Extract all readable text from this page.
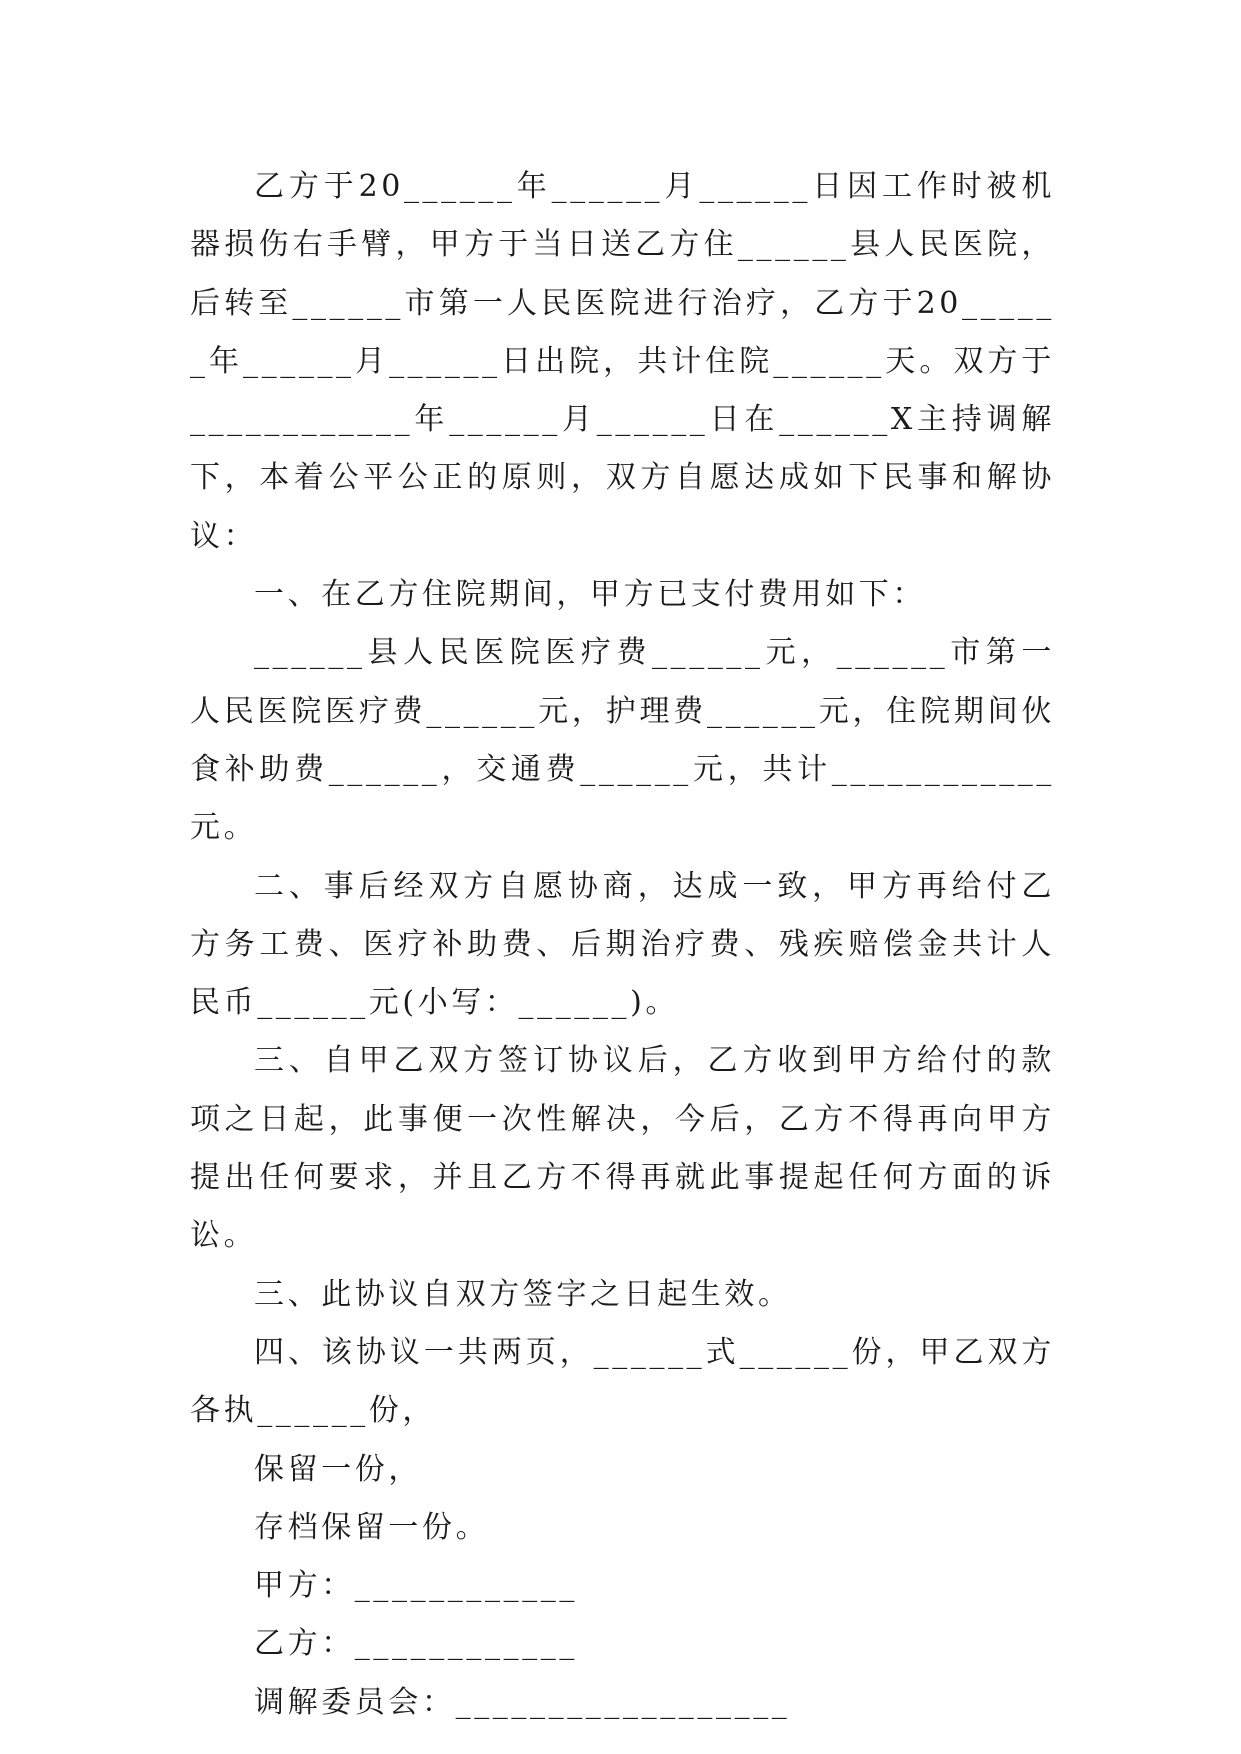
乙方于20______年______月______日因工作时被机器损伤右手臂，甲方于当日送乙方住______县人民医院，后转至______市第一人民医院进行治疗，乙方于20______年______月______日出院，共计住院______天。双方于____________年______月______日在______X主持调解下，本着公平公正的原则，双方自愿达成如下民事和解协议：

一、在乙方住院期间，甲方已支付费用如下：

______县人民医院医疗费______元，______市第一人民医院医疗费______元，护理费______元，住院期间伙食补助费______，交通费______元，共计____________元。

二、事后经双方自愿协商，达成一致，甲方再给付乙方务工费、医疗补助费、后期治疗费、残疾赔偿金共计人民币______元(小写：______)。

三、自甲乙双方签订协议后，乙方收到甲方给付的款项之日起，此事便一次性解决，今后，乙方不得再向甲方提出任何要求，并且乙方不得再就此事提起任何方面的诉讼。

三、此协议自双方签字之日起生效。

四、该协议一共两页，______式______份，甲乙双方各执______份，

保留一份，

存档保留一份。

甲方：____________

乙方：____________

调解委员会：__________________
